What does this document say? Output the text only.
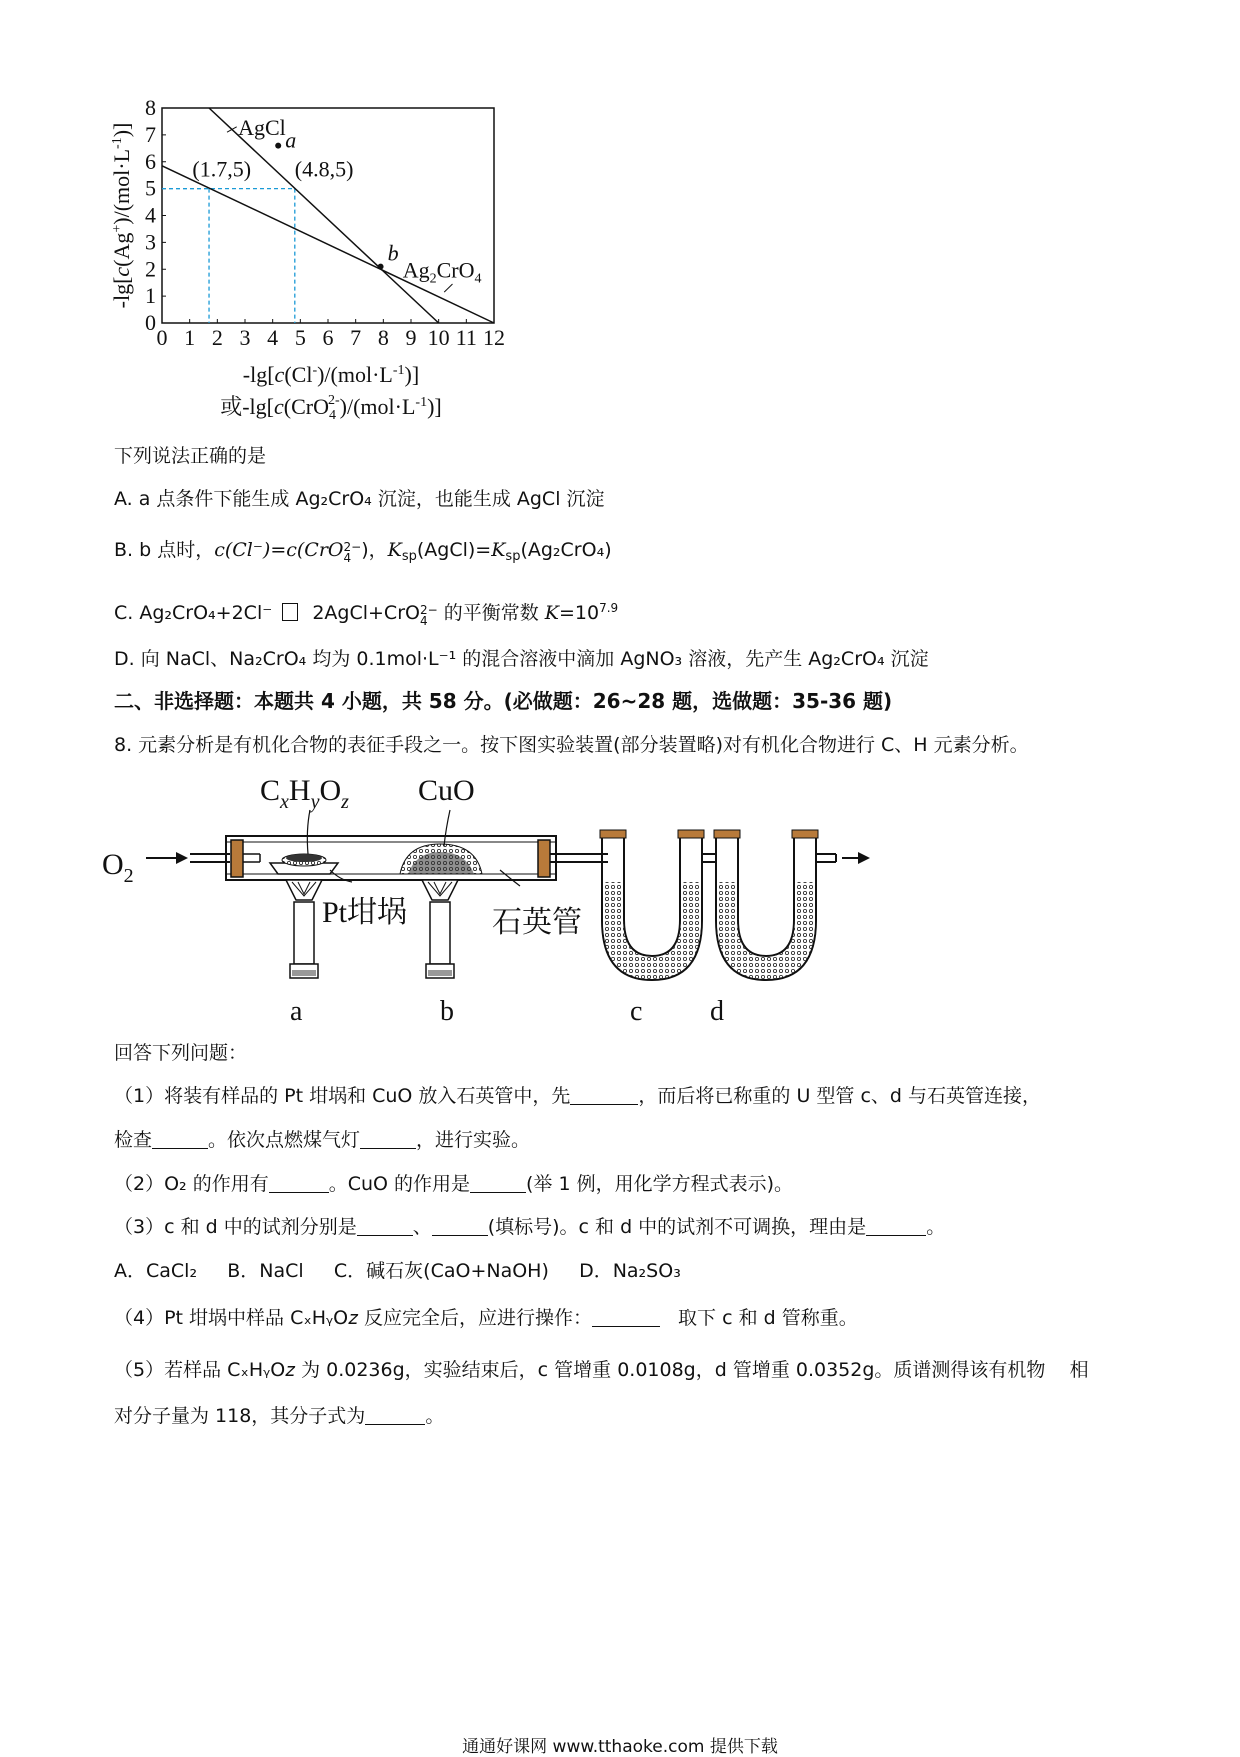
0 1 2 3 4 5 6 7 8 9 10 11 12
0
1
2
3
4
5
6
7
8
$-\lg[c(Ag^+)/(mol\cdot L^{-1})]$
$-\lg[c(Cl^-)/(mol\cdot L^{-1})]$
或$-\lg[c(CrO_42-)/(mol\cdot L^{-1})]$
AgCl
$Ag_2CrO_4$
a
b
(1.7,5) (4.8,5)
下列说法正确的是
A. a 点条件下能生成 Ag₂CrO₄ 沉淀，也能生成 AgCl 沉淀
B. b 点时，c(Cl⁻)=c(CrO2−
4 )，$K_{sp}(AgCl)=K_{sp}(Ag_2CrO_4)$
C. Ag₂CrO₄+2Cl⁻ 2AgCl+CrO2−
4 的平衡常数 $K=10^{7.9}$
D. 向 NaCl、Na₂CrO₄ 均为 0.1mol·L⁻¹ 的混合溶液中滴加 AgNO₃ 溶液，先产生 Ag₂CrO₄ 沉淀
二、非选择题：本题共 4 小题，共 58 分。(必做题：26~28 题，选做题：35-36 题)
8. 元素分析是有机化合物的表征手段之一。按下图实验装置(部分装置略)对有机化合物进行 C、H 元素分析。
$O_2$
$C_xH_yO_z$ CuO
Pt坩埚	石英管
a	b	c d
回答下列问题：
（1）将装有样品的 Pt 坩埚和 CuO 放入石英管中，先	，而后将已称重的 U 型管 c、d 与石英管连接，
检查	。依次点燃煤气灯	，进行实验。
（2）O₂ 的作用有	。CuO 的作用是	(举 1 例，用化学方程式表示)。
（3）c 和 d 中的试剂分别是	、	(填标号)。c 和 d 中的试剂不可调换，理由是	。
A．CaCl₂     B．NaCl     C．碱石灰(CaO+NaOH)     D．Na₂SO₃
（4）Pt 坩埚中样品 CₓHᵧO𝑧 反应完全后，应进行操作：	取下 c 和 d 管称重。
（5）若样品 CₓHᵧO𝑧 为 0.0236g，实验结束后，c 管增重 0.0108g，d 管增重 0.0352g。质谱测得该有机物    相
对分子量为 118，其分子式为	。
通通好课网 www.tthaoke.com 提供下载
